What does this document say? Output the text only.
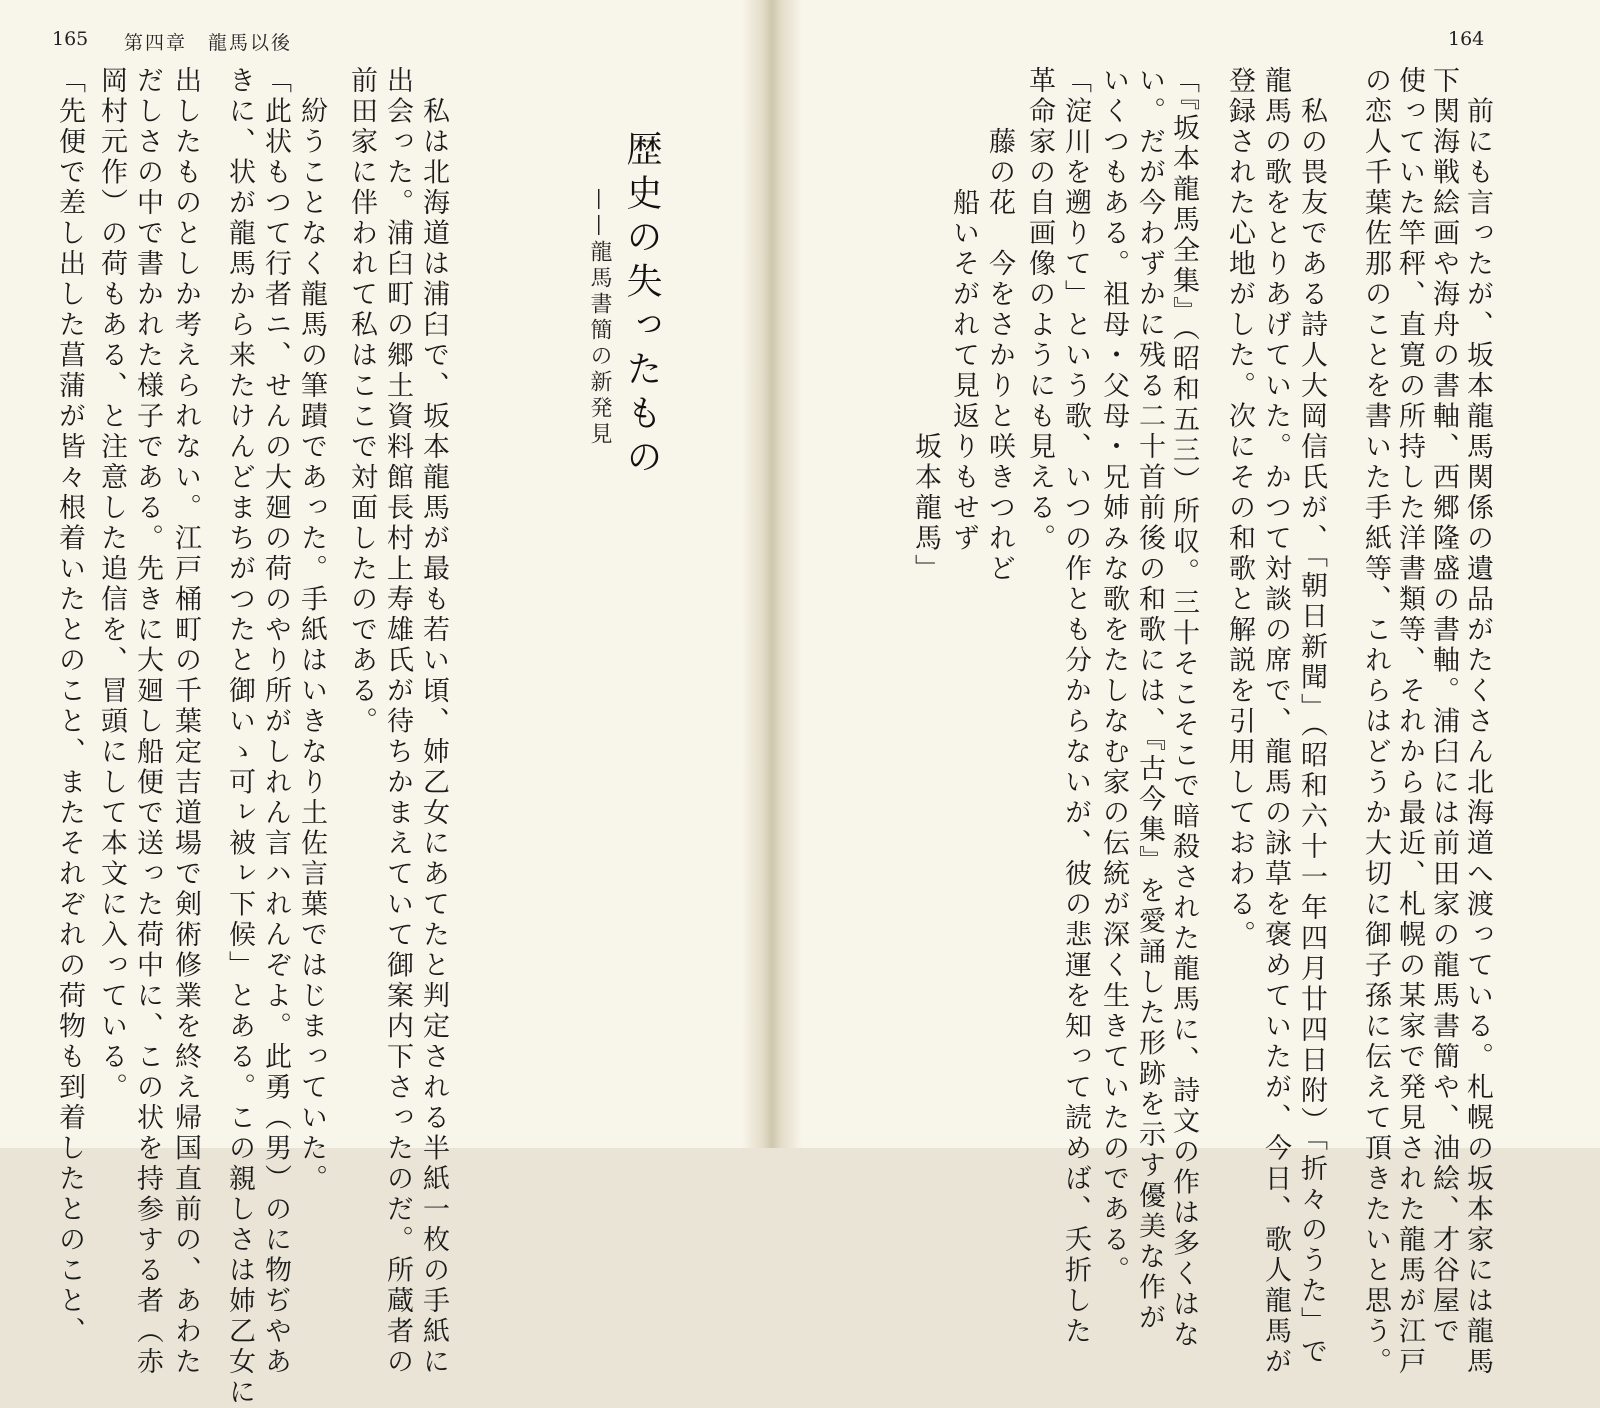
165 第四章　龍馬以後
歴史の失ったもの
——龍馬書簡の新発見
　私は北海道は浦臼で、坂本龍馬が最も若い頃、姉乙女にあてたと判定される半紙一枚の手紙に
出会った。浦臼町の郷土資料館長村上寿雄氏が待ちかまえていて御案内下さったのだ。所蔵者の
前田家に伴われて私はここで対面したのである。
　紛うことなく龍馬の筆蹟であった。手紙はいきなり土佐言葉ではじまっていた。
「此状もつて行者ニ、せんの大廻の荷のやり所がしれん言ハれんぞよ。此勇（男）のに物ぢやあ
きに、状が龍馬から来たけんどまちがつたと御いゝ可ㇾ被ㇾ下候」とある。この親しさは姉乙女に
出したものとしか考えられない。江戸桶町の千葉定吉道場で剣術修業を終え帰国直前の、あわた
だしさの中で書かれた様子である。先きに大廻し船便で送った荷中に、この状を持参する者（赤
岡村元作）の荷もある、と注意した追信を、冒頭にして本文に入っている。
「先便で差し出した菖蒲が皆々根着いたとのこと、またそれぞれの荷物も到着したとのこと、
164
　前にも言ったが、坂本龍馬関係の遺品がたくさん北海道へ渡っている。札幌の坂本家には龍馬
下関海戦絵画や海舟の書軸、西郷隆盛の書軸。浦臼には前田家の龍馬書簡や、油絵、才谷屋で
使っていた竿秤、直寛の所持した洋書類等、それから最近、札幌の某家で発見された龍馬が江戸
の恋人千葉佐那のことを書いた手紙等、これらはどうか大切に御子孫に伝えて頂きたいと思う。
　私の畏友である詩人大岡信氏が、「朝日新聞」（昭和六十一年四月廿四日附）「折々のうた」で
龍馬の歌をとりあげていた。かつて対談の席で、龍馬の詠草を褒めていたが、今日、歌人龍馬が
登録された心地がした。次にその和歌と解説を引用しておわる。
「『坂本龍馬全集』（昭和五三）所収。三十そこそこで暗殺された龍馬に、詩文の作は多くはな
い。だが今わずかに残る二十首前後の和歌には、『古今集』を愛誦した形跡を示す優美な作が
いくつもある。祖母・父母・兄姉みな歌をたしなむ家の伝統が深く生きていたのである。
「淀川を遡りて」という歌、いつの作とも分からないが、彼の悲運を知って読めば、夭折した
革命家の自画像のようにも見える。
　　藤の花　今をさかりと咲きつれど
　　　　船いそがれて見返りもせず
　　　　　　　　　　　　坂本龍馬」
